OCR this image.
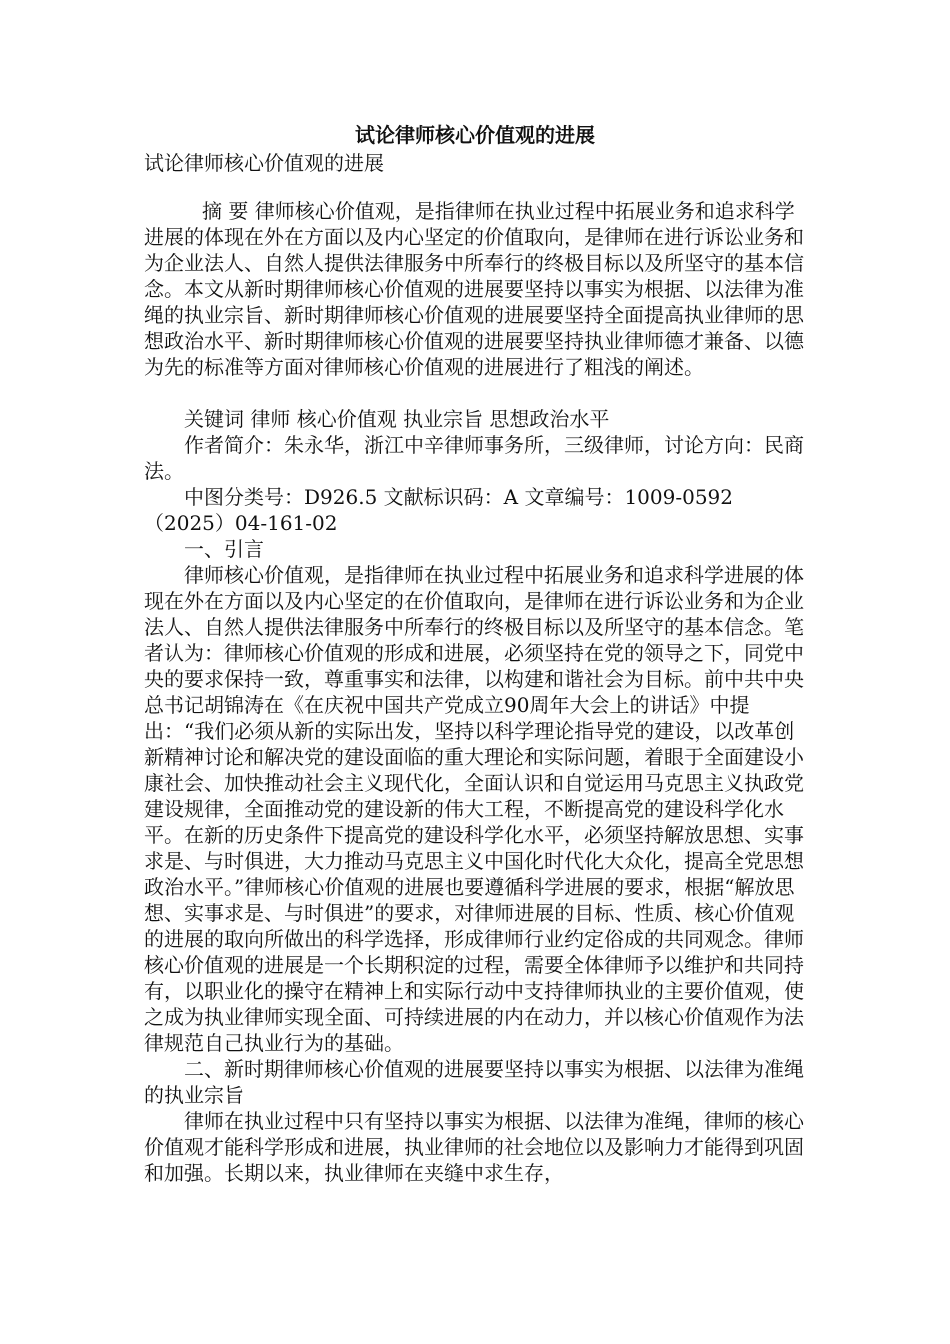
试论律师核心价值观的进展
试论律师核心价值观的进展

摘 要 律师核心价值观，是指律师在执业过程中拓展业务和追求科学进展的体现在外在方面以及内心坚定的价值取向，是律师在进行诉讼业务和为企业法人、自然人提供法律服务中所奉行的终极目标以及所坚守的基本信念。本文从新时期律师核心价值观的进展要坚持以事实为根据、以法律为准绳的执业宗旨、新时期律师核心价值观的进展要坚持全面提高执业律师的思想政治水平、新时期律师核心价值观的进展要坚持执业律师德才兼备、以德为先的标准等方面对律师核心价值观的进展进行了粗浅的阐述。

关键词 律师 核心价值观 执业宗旨 思想政治水平

作者简介：朱永华，浙江中辛律师事务所，三级律师，讨论方向：民商法。

中图分类号：D926.5 文献标识码：A 文章编号：1009-0592（2025）04-161-02

一、引言

律师核心价值观，是指律师在执业过程中拓展业务和追求科学进展的体现在外在方面以及内心坚定的在价值取向，是律师在进行诉讼业务和为企业法人、自然人提供法律服务中所奉行的终极目标以及所坚守的基本信念。笔者认为：律师核心价值观的形成和进展，必须坚持在党的领导之下，同党中央的要求保持一致，尊重事实和法律，以构建和谐社会为目标。前中共中央总书记胡锦涛在《在庆祝中国共产党成立90周年大会上的讲话》中提出：“我们必须从新的实际出发，坚持以科学理论指导党的建设，以改革创新精神讨论和解决党的建设面临的重大理论和实际问题，着眼于全面建设小康社会、加快推动社会主义现代化，全面认识和自觉运用马克思主义执政党建设规律，全面推动党的建设新的伟大工程，不断提高党的建设科学化水平。在新的历史条件下提高党的建设科学化水平，必须坚持解放思想、实事求是、与时俱进，大力推动马克思主义中国化时代化大众化，提高全党思想政治水平。”律师核心价值观的进展也要遵循科学进展的要求，根据“解放思想、实事求是、与时俱进”的要求，对律师进展的目标、性质、核心价值观的进展的取向所做出的科学选择，形成律师行业约定俗成的共同观念。律师核心价值观的进展是一个长期积淀的过程，需要全体律师予以维护和共同持有，以职业化的操守在精神上和实际行动中支持律师执业的主要价值观，使之成为执业律师实现全面、可持续进展的内在动力，并以核心价值观作为法律规范自己执业行为的基础。

二、新时期律师核心价值观的进展要坚持以事实为根据、以法律为准绳的执业宗旨

律师在执业过程中只有坚持以事实为根据、以法律为准绳，律师的核心价值观才能科学形成和进展，执业律师的社会地位以及影响力才能得到巩固和加强。长期以来，执业律师在夹缝中求生存，
